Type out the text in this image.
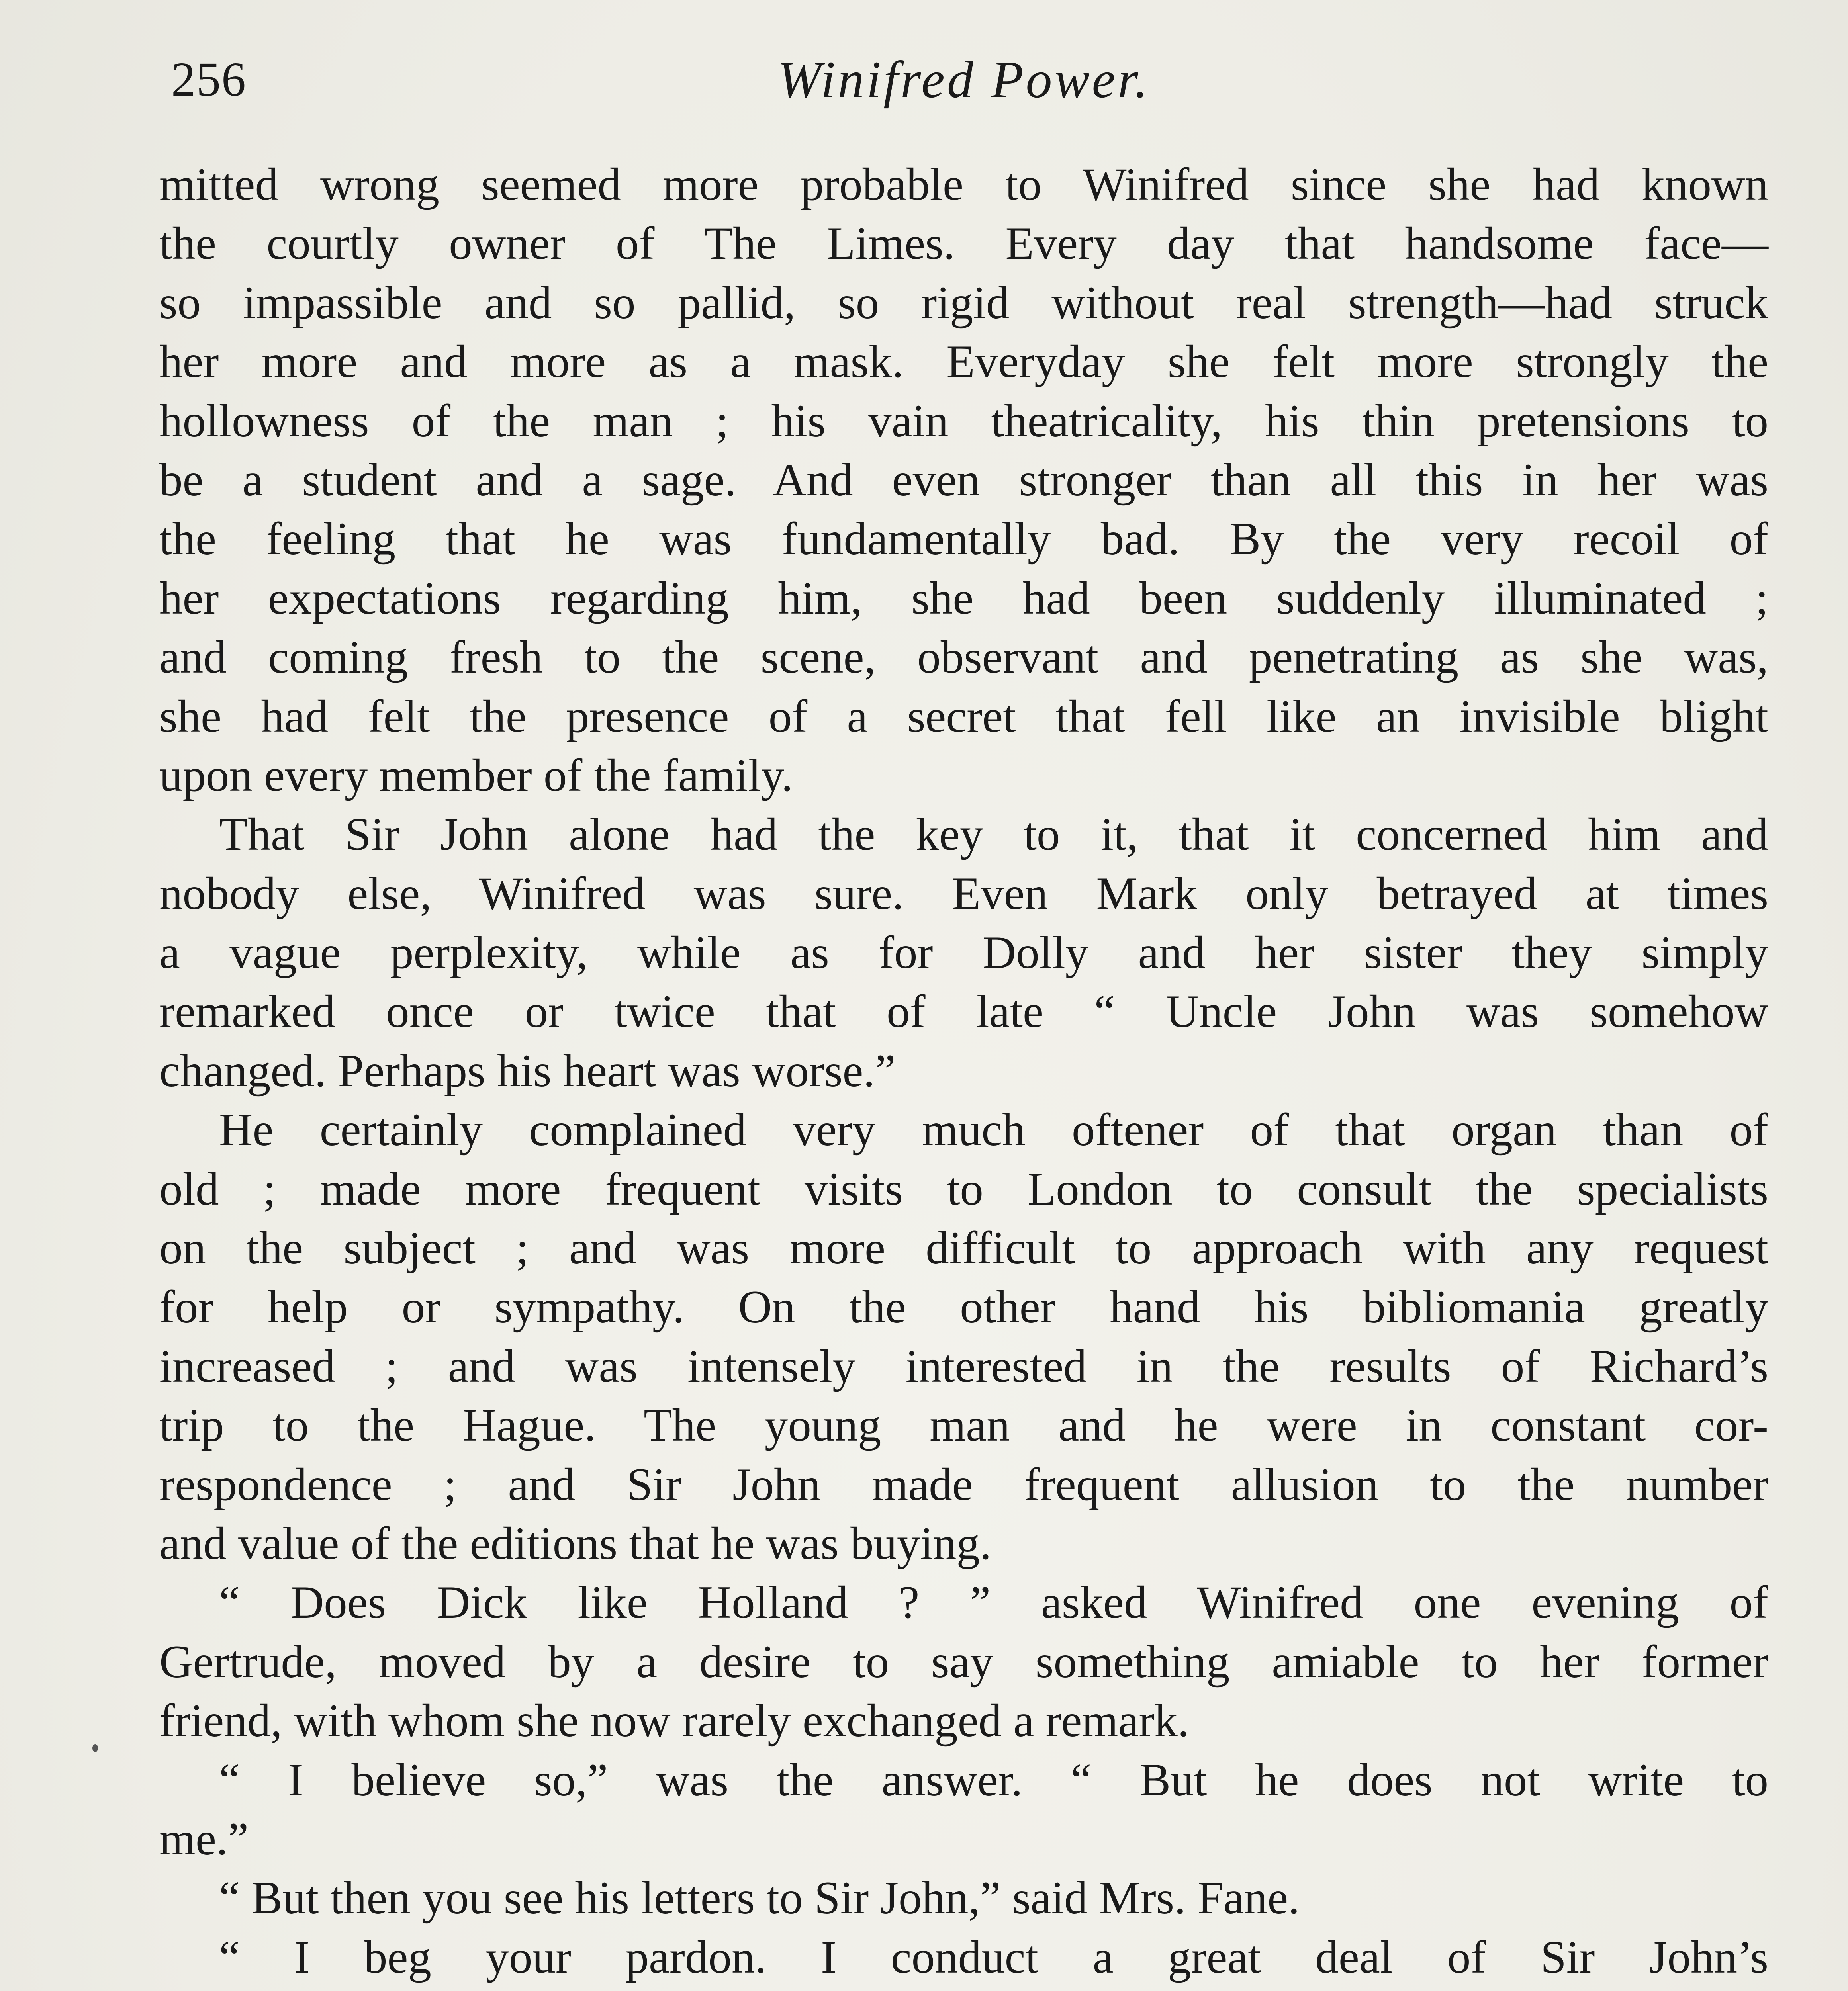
256	Winifred Power.
mitted wrong seemed more probable to Winifred since she had known
the courtly owner of The Limes. Every day that handsome face—
so impassible and so pallid, so rigid without real strength—had struck
her more and more as a mask. Everyday she felt more strongly the
hollowness of the man ; his vain theatricality, his thin pretensions to
be a student and a sage. And even stronger than all this in her was
the feeling that he was fundamentally bad. By the very recoil of
her expectations regarding him, she had been suddenly illuminated ;
and coming fresh to the scene, observant and penetrating as she was,
she had felt the presence of a secret that fell like an invisible blight
upon every member of the family.
That Sir John alone had the key to it, that it concerned him and
nobody else, Winifred was sure. Even Mark only betrayed at times
a vague perplexity, while as for Dolly and her sister they simply
remarked once or twice that of late “ Uncle John was somehow
changed. Perhaps his heart was worse.”
He certainly complained very much oftener of that organ than of
old ; made more frequent visits to London to consult the specialists
on the subject ; and was more difficult to approach with any request
for help or sympathy. On the other hand his bibliomania greatly
increased ; and was intensely interested in the results of Richard’s
trip to the Hague. The young man and he were in constant cor-
respondence ; and Sir John made frequent allusion to the number
and value of the editions that he was buying.
“ Does Dick like Holland ? ” asked Winifred one evening of
Gertrude, moved by a desire to say something amiable to her former
friend, with whom she now rarely exchanged a remark.
“ I believe so,” was the answer. “ But he does not write to
me.”
“ But then you see his letters to Sir John,” said Mrs. Fane.
“ I beg your pardon. I conduct a great deal of Sir John’s
